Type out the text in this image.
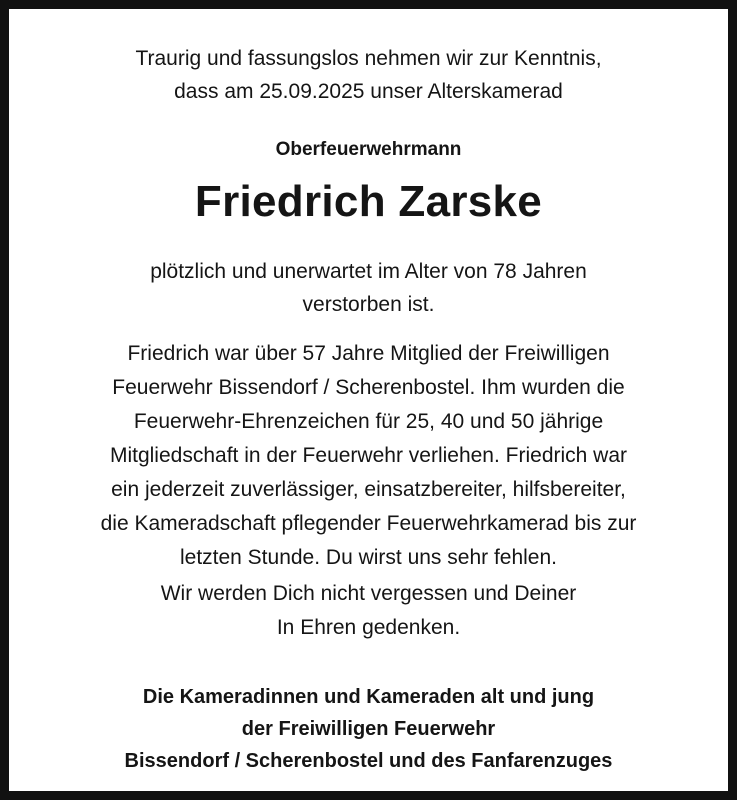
Traurig und fassungslos nehmen wir zur Kenntnis,
dass am 25.09.2025 unser Alterskamerad
Oberfeuerwehrmann
Friedrich Zarske
plötzlich und unerwartet im Alter von 78 Jahren
verstorben ist.
Friedrich war über 57 Jahre Mitglied der Freiwilligen
Feuerwehr Bissendorf / Scherenbostel. Ihm wurden die
Feuerwehr-Ehrenzeichen für 25, 40 und 50 jährige
Mitgliedschaft in der Feuerwehr verliehen. Friedrich war
ein jederzeit zuverlässiger, einsatzbereiter, hilfsbereiter,
die Kameradschaft pflegender Feuerwehrkamerad bis zur
letzten Stunde. Du wirst uns sehr fehlen.
Wir werden Dich nicht vergessen und Deiner
In Ehren gedenken.
Die Kameradinnen und Kameraden alt und jung
der Freiwilligen Feuerwehr
Bissendorf / Scherenbostel und des Fanfarenzuges
